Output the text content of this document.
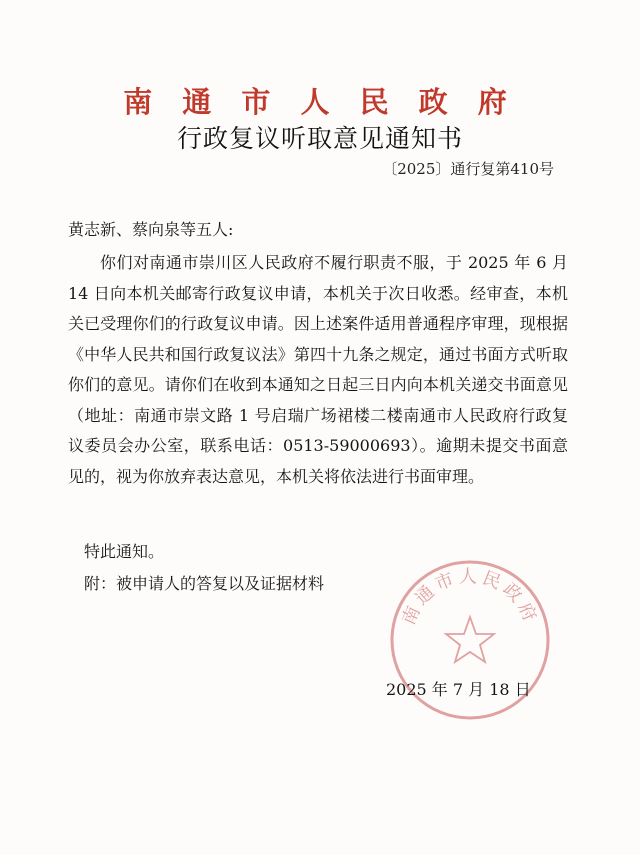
南 通 市 人 民 政 府
行政复议听取意见通知书
〔2025〕通行复第410号
黄志新、蔡向泉等五人:
你们对南通市崇川区人民政府不履行职责不服，于 2025 年 6 月 14 日向本机关邮寄行政复议申请，本机关于次日收悉。经审查，本机关已受理你们的行政复议申请。因上述案件适用普通程序审理，现根据《中华人民共和国行政复议法》第四十九条之规定，通过书面方式听取你们的意见。请你们在收到本通知之日起三日内向本机关递交书面意见（地址：南通市崇文路 1 号启瑞广场裙楼二楼南通市人民政府行政复议委员会办公室，联系电话：0513-59000693）。逾期未提交书面意见的，视为你放弃表达意见，本机关将依法进行书面审理。
特此通知。
附：被申请人的答复以及证据材料
南通市人民政府
2025 年 7 月 18 日
